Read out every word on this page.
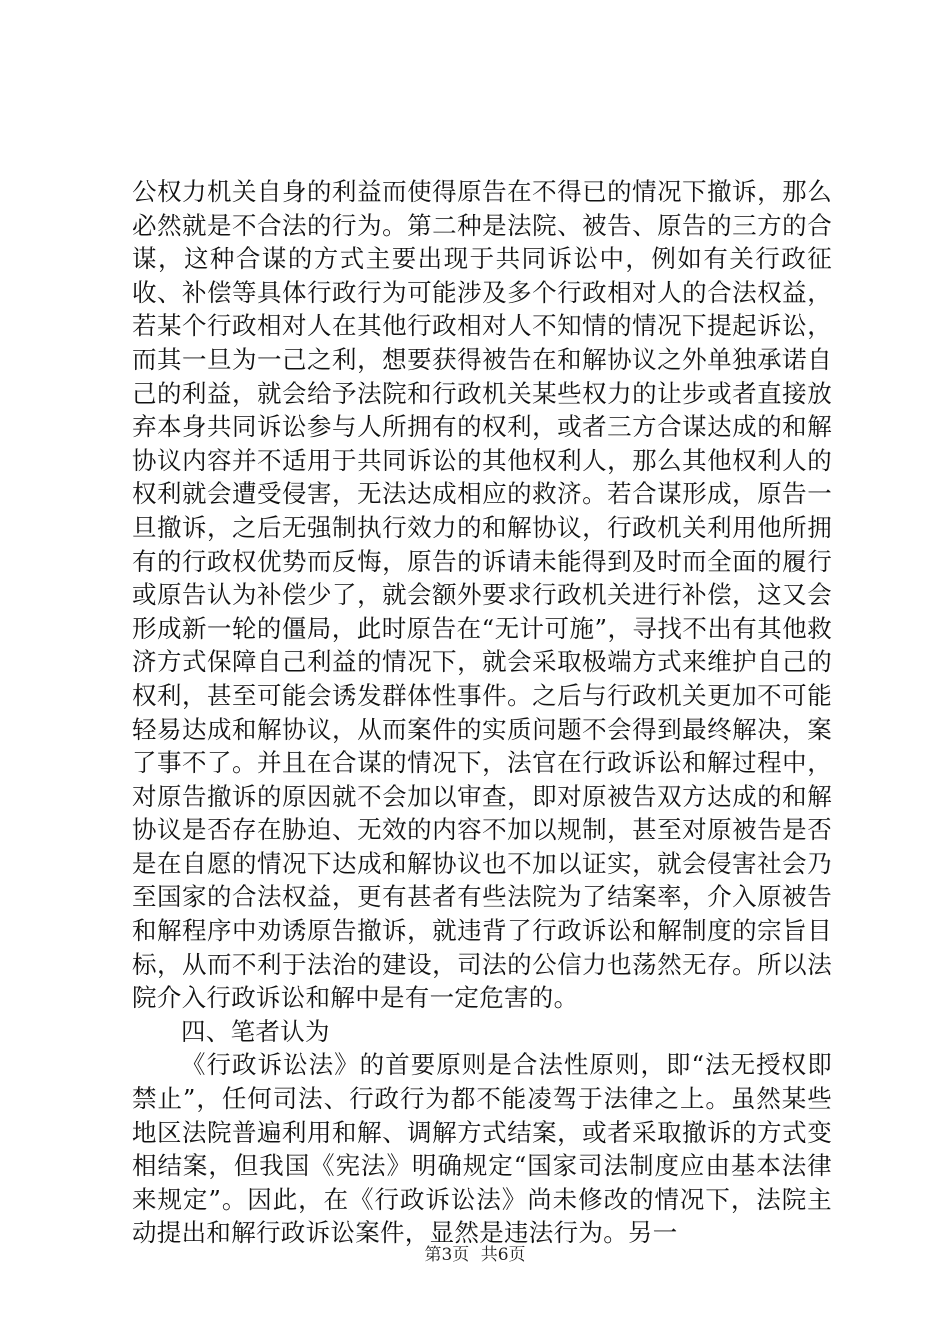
公权力机关自身的利益而使得原告在不得已的情况下撤诉，那么必然就是不合法的行为。第二种是法院、被告、原告的三方的合谋，这种合谋的方式主要出现于共同诉讼中，例如有关行政征收、补偿等具体行政行为可能涉及多个行政相对人的合法权益，若某个行政相对人在其他行政相对人不知情的情况下提起诉讼，而其一旦为一己之利，想要获得被告在和解协议之外单独承诺自己的利益，就会给予法院和行政机关某些权力的让步或者直接放弃本身共同诉讼参与人所拥有的权利，或者三方合谋达成的和解协议内容并不适用于共同诉讼的其他权利人，那么其他权利人的权利就会遭受侵害，无法达成相应的救济。若合谋形成，原告一旦撤诉，之后无强制执行效力的和解协议，行政机关利用他所拥有的行政权优势而反悔，原告的诉请未能得到及时而全面的履行或原告认为补偿少了，就会额外要求行政机关进行补偿，这又会形成新一轮的僵局，此时原告在“无计可施”，寻找不出有其他救济方式保障自己利益的情况下，就会采取极端方式来维护自己的权利，甚至可能会诱发群体性事件。之后与行政机关更加不可能轻易达成和解协议，从而案件的实质问题不会得到最终解决，案了事不了。并且在合谋的情况下，法官在行政诉讼和解过程中，对原告撤诉的原因就不会加以审查，即对原被告双方达成的和解协议是否存在胁迫、无效的内容不加以规制，甚至对原被告是否是在自愿的情况下达成和解协议也不加以证实，就会侵害社会乃至国家的合法权益，更有甚者有些法院为了结案率，介入原被告和解程序中劝诱原告撤诉，就违背了行政诉讼和解制度的宗旨目标，从而不利于法治的建设，司法的公信力也荡然无存。所以法院介入行政诉讼和解中是有一定危害的。

四、笔者认为

《行政诉讼法》的首要原则是合法性原则，即“法无授权即禁止”，任何司法、行政行为都不能凌驾于法律之上。虽然某些地区法院普遍利用和解、调解方式结案，或者采取撤诉的方式变相结案，但我国《宪法》明确规定“国家司法制度应由基本法律来规定”。因此，在《行政诉讼法》尚未修改的情况下，法院主动提出和解行政诉讼案件，显然是违法行为。另一

第3页 共6页
